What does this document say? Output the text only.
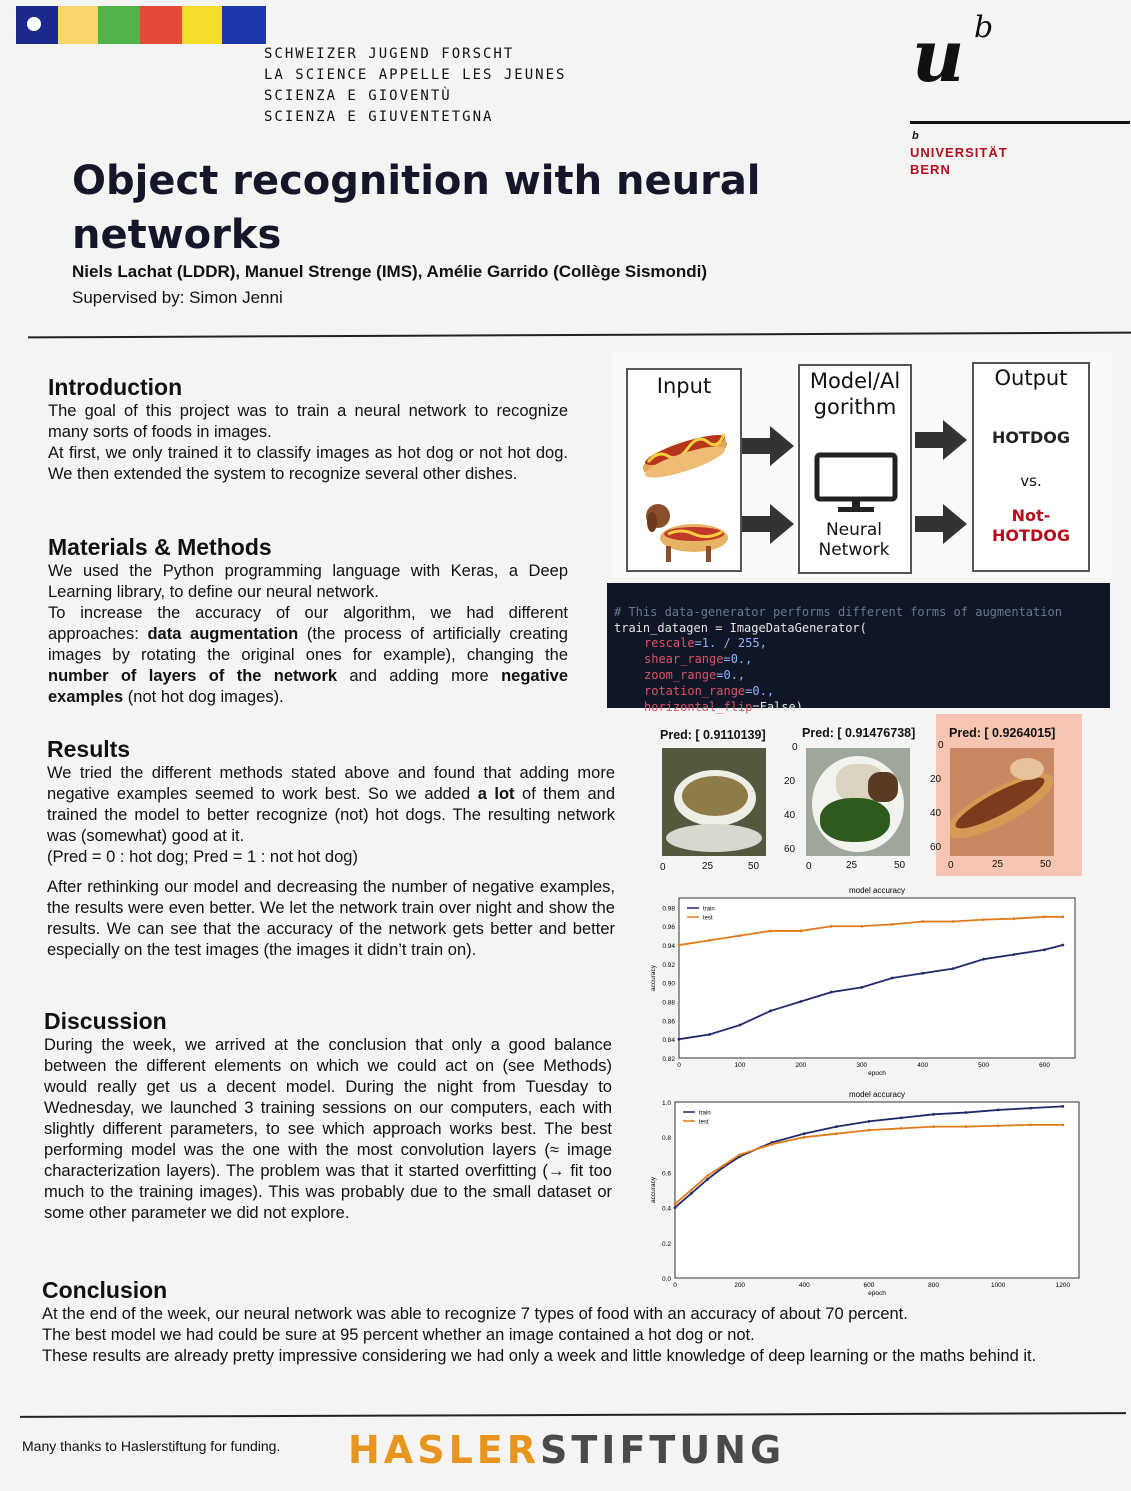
SCHWEIZER JUGEND FORSCHT
LA SCIENCE APPELLE LES JEUNES
SCIENZA E GIOVENTÙ
SCIENZA E GIUVENTETGNA
u b
b
UNIVERSITÄT
BERN
Object recognition with neural
networks
Niels Lachat (LDDR), Manuel Strenge (IMS), Amélie Garrido (Collège Sismondi)
Supervised by: Simon Jenni
Introduction

The goal of this project was to train a neural network to recognize many sorts of foods in images.

At first, we only trained it to classify images as hot dog or not hot dog. We then extended the system to recognize several other dishes.

Materials & Methods

We used the Python programming language with Keras, a Deep Learning library, to define our neural network.

To increase the accuracy of our algorithm, we had different approaches: data augmentation (the process of artificially creating images by rotating the original ones for example), changing the number of layers of the network and adding more negative examples (not hot dog images).

Results

We tried the different methods stated above and found that adding more negative examples seemed to work best. So we added a lot of them and trained the model to better recognize (not) hot dogs. The resulting network was (somewhat) good at it.

(Pred = 0 : hot dog; Pred = 1 : not hot dog)

After rethinking our model and decreasing the number of negative examples, the results were even better. We let the network train over night and show the results. We can see that the accuracy of the network gets better and better especially on the test images (the images it didn’t train on).

Discussion

During the week, we arrived at the conclusion that only a good balance between the different elements on which we could act on (see Methods) would really get us a decent model. During the night from Tuesday to Wednesday, we launched 3 training sessions on our computers, each with slightly different parameters, to see which approach works best. The best performing model was the one with the most convolution layers (≈ image characterization layers). The problem was that it started overfitting (→ fit too much to the training images). This was probably due to the small dataset or some other parameter we did not explore.

Conclusion

At the end of the week, our neural network was able to recognize 7 types of food with an accuracy of about 70 percent.

The best model we had could be sure at 95 percent whether an image contained a hot dog or not.

These results are already pretty impressive considering we had only a week and little knowledge of deep learning or the maths behind it.

Input	Model/Al
gorithm
Neural
Network
Output
HOTDOG
vs.
Not-
HOTDOG

# This data-generator performs different forms of augmentation
train_datagen = ImageDataGenerator(
rescale=1. / 255,
shear_range=0.,
zoom_range=0.,
rotation_range=0.,
horizontal_flip=False)

Pred: [ 0.9110139]	Pred: [ 0.91476738]	Pred: [ 0.9264015]
0
20
40
60
0
20
40
60
0	25	50	0	25	50	0	25	50
model accuracy
0.82
0.84
0.86
0.88
0.90
0.92
0.94
0.96
0.98
0	100	200	300	400	500	600
epoch
accuracy
train
test
model accuracy
0.0
0.2
0.4
0.6
0.8
1.0
0	200	400	600	800	1000	1200
epoch
accuracy
train
test
Many thanks to Haslerstiftung for funding. HASLERSTIFTUNG
